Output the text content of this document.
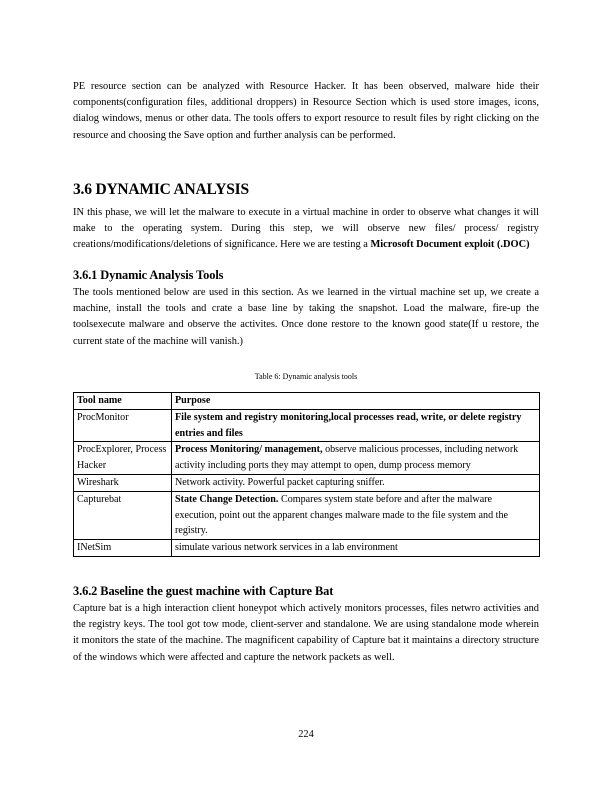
PE resource section can be analyzed with Resource Hacker. It has been observed, malware hide their components(configuration files, additional droppers) in Resource Section which is used store images, icons, dialog windows, menus or other data. The tools offers to export resource to result files by right clicking on the resource and choosing the Save option and further analysis can be performed.

3.6 DYNAMIC ANALYSIS

IN this phase, we will let the malware to execute in a virtual machine in order to observe what changes it will make to the operating system. During this step, we will observe new files/ process/ registry creations/modifications/deletions of significance. Here we are testing a Microsoft Document exploit (.DOC)

3.6.1 Dynamic Analysis Tools

The tools mentioned below are used in this section. As we learned in the virtual machine set up, we create a machine, install the tools and crate a base line by taking the snapshot. Load the malware, fire-up the toolsexecute malware and observe the activites. Once done restore to the known good state(If u restore, the current state of the machine will vanish.)

Table 6: Dynamic analysis tools

Tool name	Purpose
ProcMonitor	File system and registry monitoring,local processes read, write, or delete registry entries and files
ProcExplorer, Process Hacker	Process Monitoring/ management, observe malicious processes, including network activity including ports they may attempt to open, dump process memory
Wireshark	Network activity. Powerful packet capturing sniffer.
Capturebat	State Change Detection. Compares system state before and after the malware execution, point out the apparent changes malware made to the file system and the registry.
INetSim	simulate various network services in a lab environment
3.6.2 Baseline the guest machine with Capture Bat

Capture bat is a high interaction client honeypot which actively monitors processes, files netwro activities and the registry keys. The tool got tow mode, client-server and standalone. We are using standalone mode wherein it monitors the state of the machine. The magnificent capability of Capture bat it maintains a directory structure of the windows which were affected and capture the network packets as well.

224
